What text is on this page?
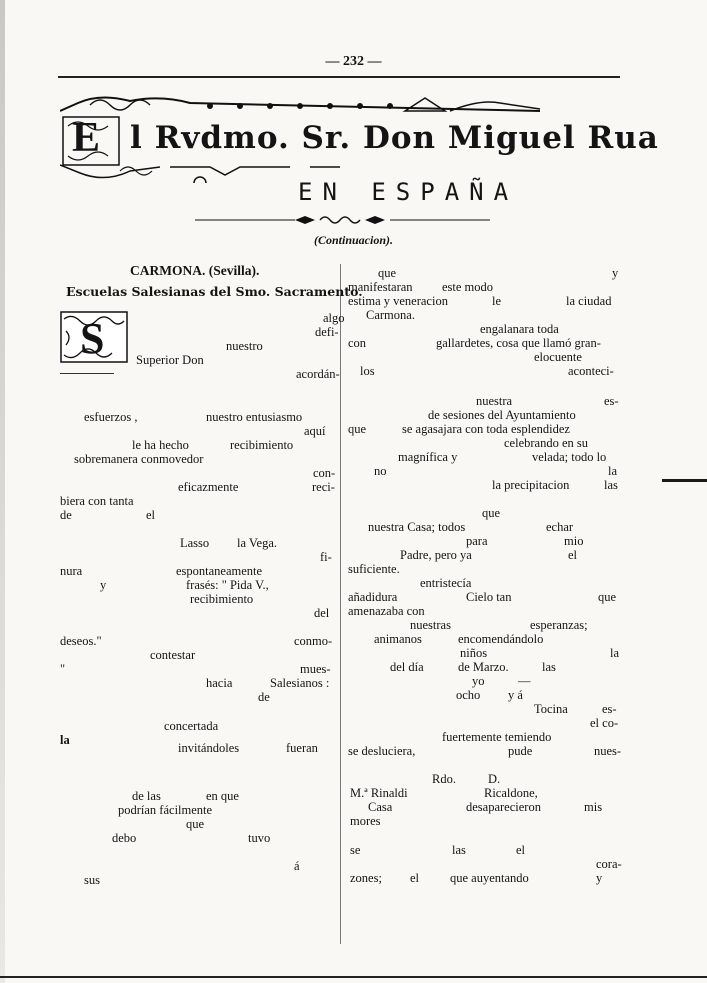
— 232 —
E l Rvdmo. Sr. Don Miguel Rua
EN ESPAÑA
(Continuacion).
CARMONA. (Sevilla).
Escuelas Salesianas del Smo. Sacramento.
S	algo
defi-
nuestro
Superior Don
acordán-
esfuerzos ,	nuestro entusiasmo
aquí
le ha hecho	recibimiento
sobremanera conmovedor
con-
eficazmente	reci-
biera con tanta
de	el
Lasso la Vega.
fi-
nura	espontaneamente
y	frasés: " Pida V.,
recibimiento
del
deseos."	conmo-
contestar
"	mues-
hacia	Salesianos :
de
concertada
la
invitándoles	fueran
de las	en que
podrían fácilmente
que
debo	tuvo
á
sus
que	y
manifestaran este modo
estima y veneracion	le	la ciudad
Carmona.
engalanara toda
con	gallardetes, cosa que llamó gran-
elocuente
los	aconteci-
nuestra	es-
de sesiones del Ayuntamiento
que	se agasajara con toda esplendidez
celebrando en su
magnífica y	velada; todo lo
no	la
la precipitacion	las
que
nuestra Casa; todos	echar
para	mio
Padre, pero ya	el
suficiente.
entristecía
añadidura	Cielo tan	que
amenazaba con
nuestras	esperanzas;
animanos	encomendándolo
niños	la
del día	de Marzo.	las
yo	—
ocho y á
Tocina	es-
el co-
fuertemente temiendo
se desluciera,	pude	nues-
Rdo.	D.
M.ª Rinaldi	Ricaldone,
Casa	desaparecieron	mis
mores
se	las	el
cora-
zones; el que auyentando	y
